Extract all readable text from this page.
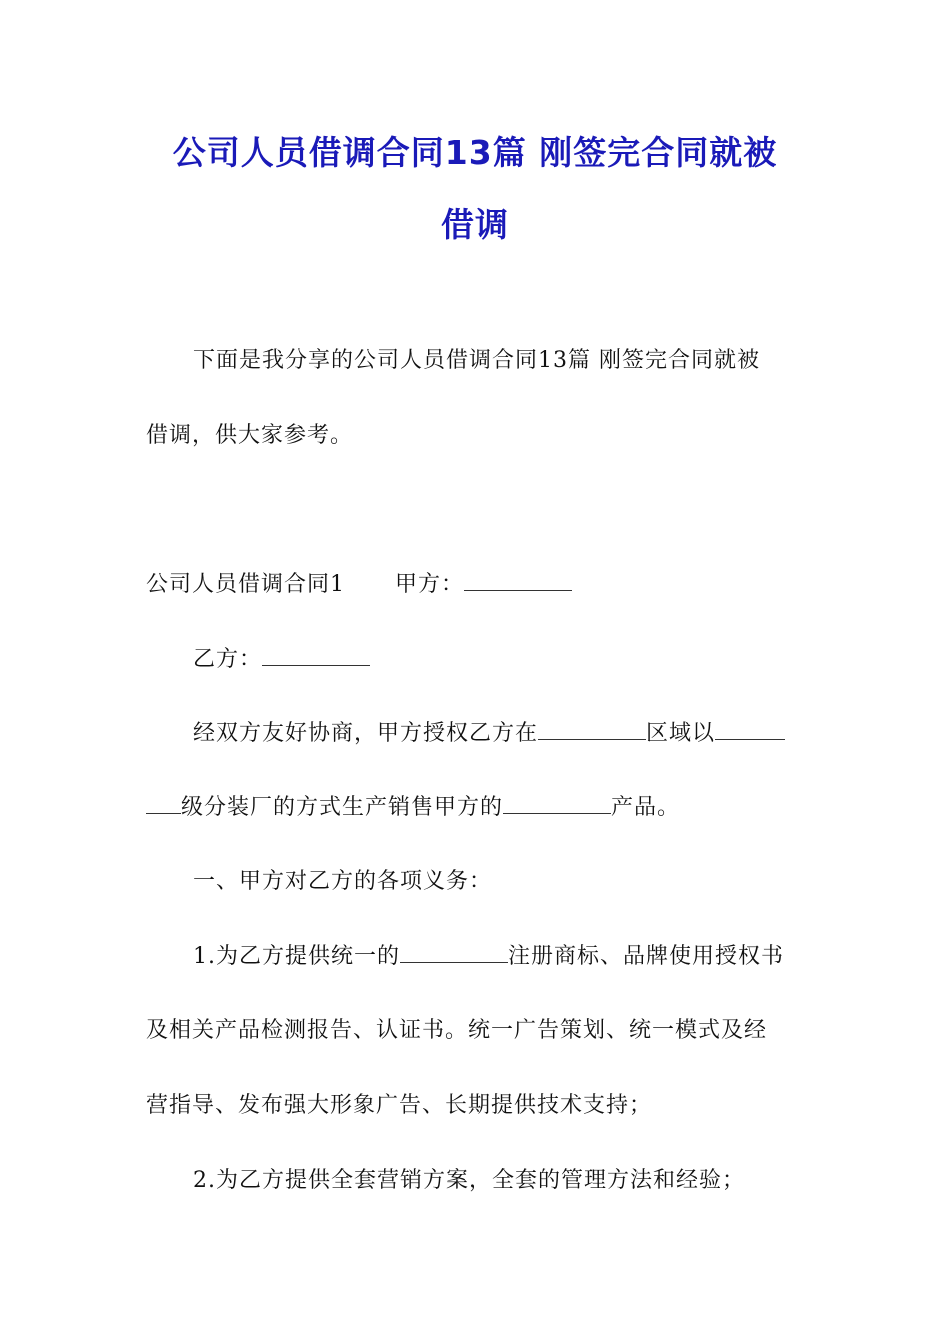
公司人员借调合同13篇 刚签完合同就被
借调
下面是我分享的公司人员借调合同13篇 刚签完合同就被
借调，供大家参考。
公司人员借调合同1 甲方：
乙方：
经双方友好协商，甲方授权乙方在	区域以
级分装厂的方式生产销售甲方的	产品。
一、甲方对乙方的各项义务：
1.为乙方提供统一的	注册商标、品牌使用授权书
及相关产品检测报告、认证书。统一广告策划、统一模式及经
营指导、发布强大形象广告、长期提供技术支持；
2.为乙方提供全套营销方案，全套的管理方法和经验；
